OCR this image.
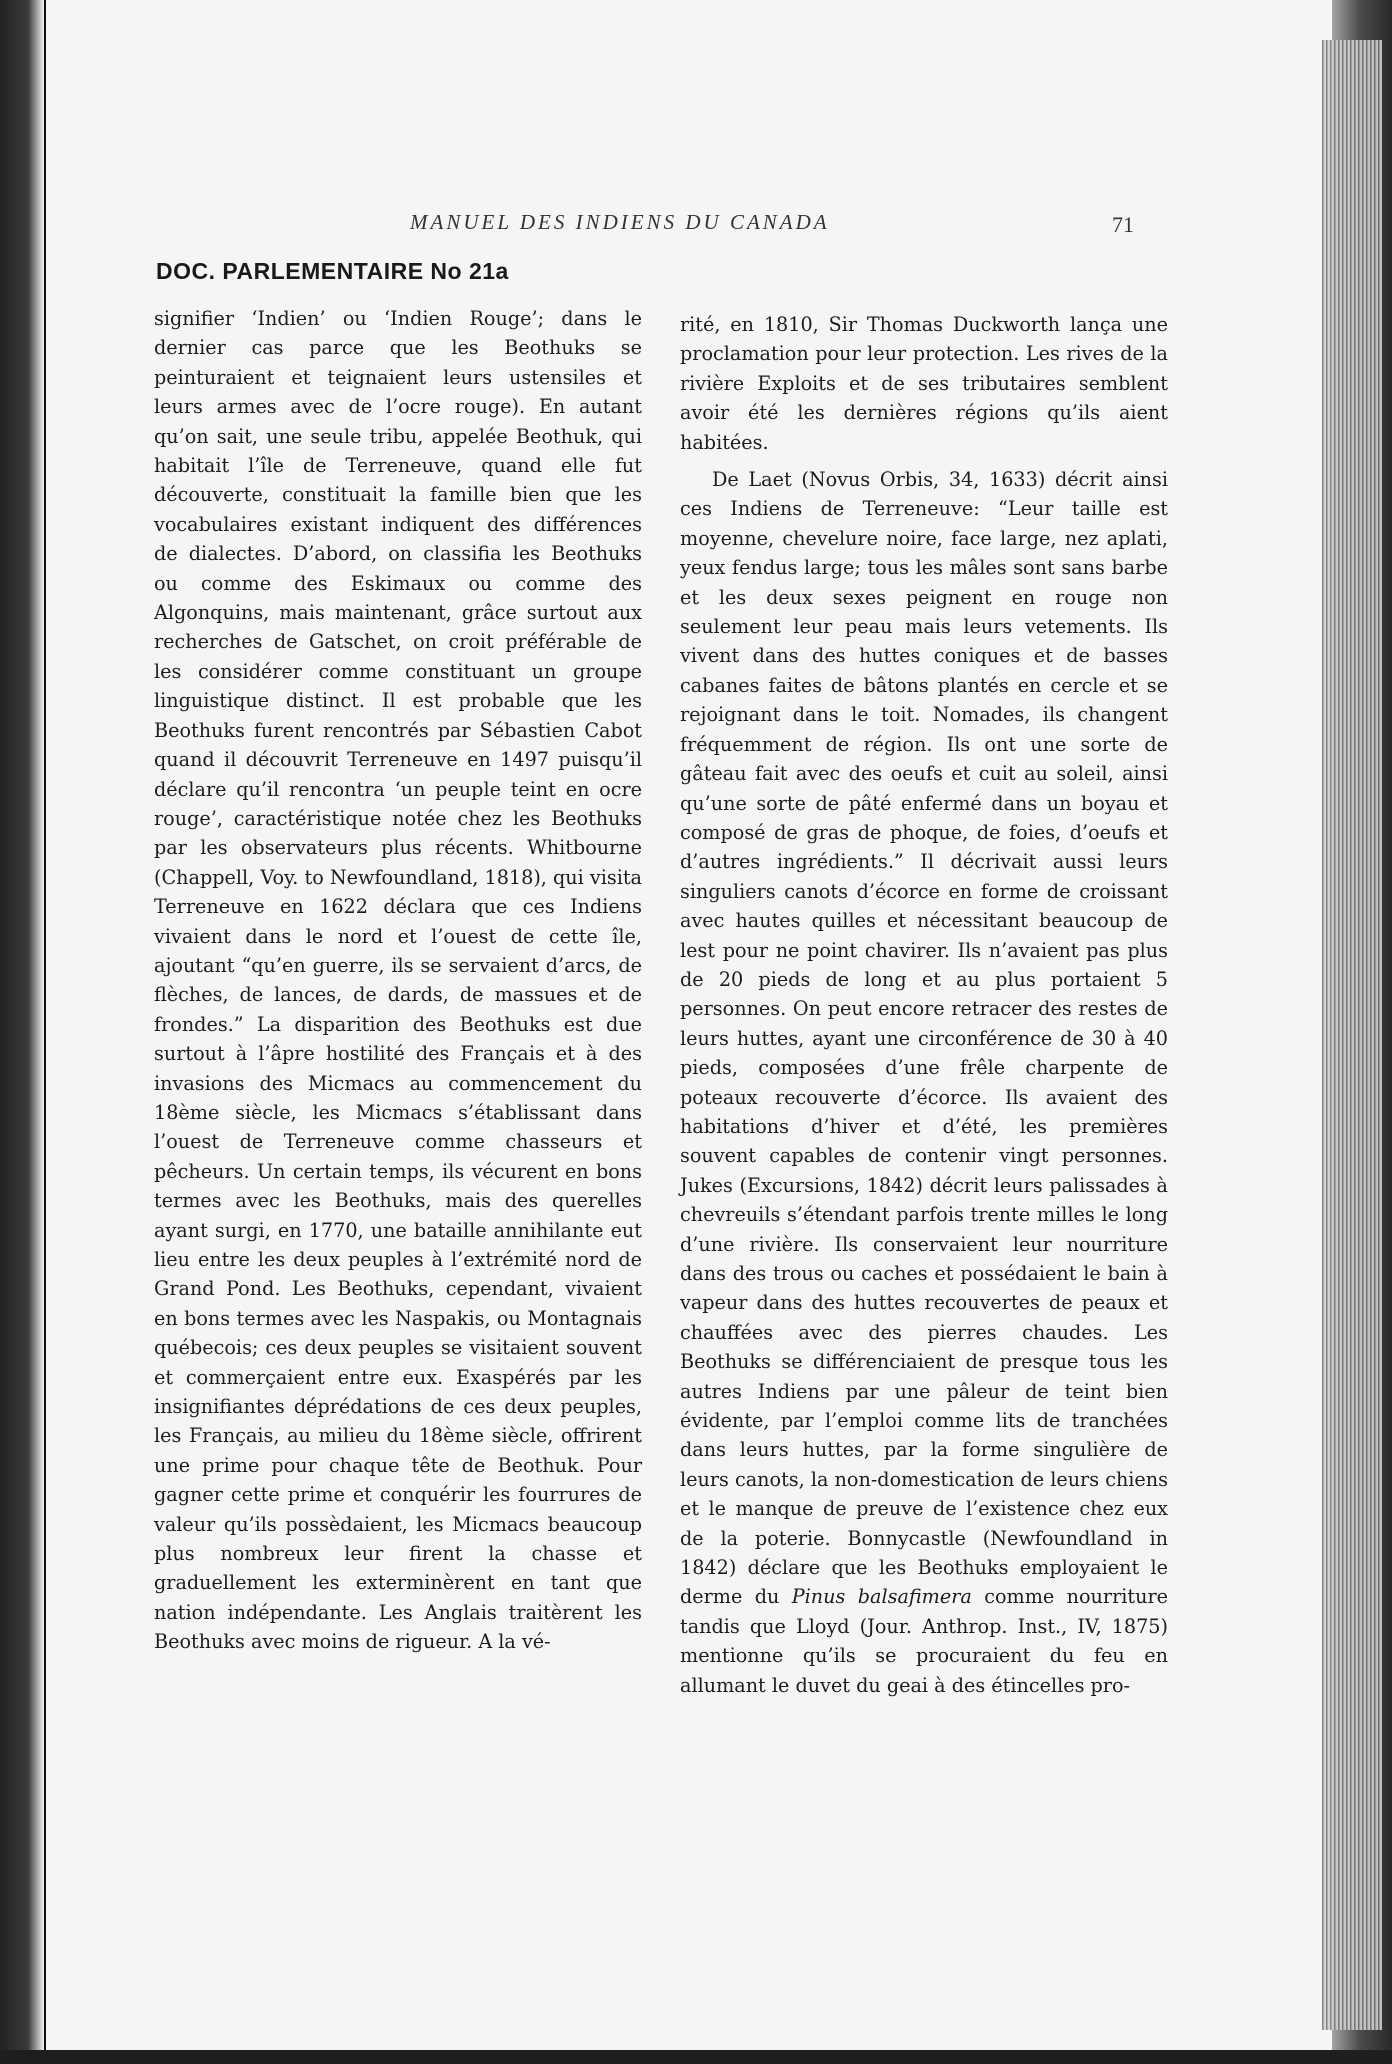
MANUEL DES INDIENS DU CANADA	71
DOC. PARLEMENTAIRE No 21a

signifier ‘Indien’ ou ‘Indien Rouge’; dans le dernier cas parce que les Beothuks se peinturaient et teignaient leurs ustensiles et leurs armes avec de l’ocre rouge). En autant qu’on sait, une seule tribu, appelée Beothuk, qui habitait l’île de Terreneuve, quand elle fut découverte, constituait la famille bien que les vocabulaires existant indiquent des différences de dialectes. D’abord, on classifia les Beothuks ou comme des Eskimaux ou comme des Algonquins, mais maintenant, grâce surtout aux recherches de Gatschet, on croit préférable de les considérer comme constituant un groupe linguistique distinct. Il est probable que les Beothuks furent rencontrés par Sébastien Cabot quand il découvrit Terreneuve en 1497 puisqu’il déclare qu’il rencontra ‘un peuple teint en ocre rouge’, caractéristique notée chez les Beothuks par les observateurs plus récents. Whitbourne (Chappell, Voy. to Newfoundland, 1818), qui visita Terreneuve en 1622 déclara que ces Indiens vivaient dans le nord et l’ouest de cette île, ajoutant “qu’en guerre, ils se servaient d’arcs, de flèches, de lances, de dards, de massues et de frondes.” La disparition des Beothuks est due surtout à l’âpre hostilité des Français et à des invasions des Micmacs au commencement du 18ème siècle, les Micmacs s’établissant dans l’ouest de Terreneuve comme chasseurs et pêcheurs. Un certain temps, ils vécurent en bons termes avec les Beothuks, mais des querelles ayant surgi, en 1770, une bataille annihilante eut lieu entre les deux peuples à l’extrémité nord de Grand Pond. Les Beothuks, cependant, vivaient en bons termes avec les Naspakis, ou Montagnais québecois; ces deux peuples se visitaient souvent et commerçaient entre eux. Exaspérés par les insignifiantes déprédations de ces deux peuples, les Français, au milieu du 18ème siècle, offrirent une prime pour chaque tête de Beothuk. Pour gagner cette prime et conquérir les fourrures de valeur qu’ils possèdaient, les Micmacs beaucoup plus nombreux leur firent la chasse et graduellement les exterminèrent en tant que nation indépendante. Les Anglais traitèrent les Beothuks avec moins de rigueur. A la vé-

rité, en 1810, Sir Thomas Duckworth lança une proclamation pour leur protection. Les rives de la rivière Exploits et de ses tributaires semblent avoir été les dernières régions qu’ils aient habitées.

De Laet (Novus Orbis, 34, 1633) décrit ainsi ces Indiens de Terreneuve: “Leur taille est moyenne, chevelure noire, face large, nez aplati, yeux fendus large; tous les mâles sont sans barbe et les deux sexes peignent en rouge non seulement leur peau mais leurs vetements. Ils vivent dans des huttes coniques et de basses cabanes faites de bâtons plantés en cercle et se rejoignant dans le toit. Nomades, ils changent fréquemment de région. Ils ont une sorte de gâteau fait avec des oeufs et cuit au soleil, ainsi qu’une sorte de pâté enfermé dans un boyau et composé de gras de phoque, de foies, d’oeufs et d’autres ingrédients.” Il décrivait aussi leurs singuliers canots d’écorce en forme de croissant avec hautes quilles et nécessitant beaucoup de lest pour ne point chavirer. Ils n’avaient pas plus de 20 pieds de long et au plus portaient 5 personnes. On peut encore retracer des restes de leurs huttes, ayant une circonférence de 30 à 40 pieds, composées d’une frêle charpente de poteaux recouverte d’écorce. Ils avaient des habitations d’hiver et d’été, les premières souvent capables de contenir vingt personnes. Jukes (Excursions, 1842) décrit leurs palissades à chevreuils s’étendant parfois trente milles le long d’une rivière. Ils conservaient leur nourriture dans des trous ou caches et possédaient le bain à vapeur dans des huttes recouvertes de peaux et chauffées avec des pierres chaudes. Les Beothuks se différenciaient de presque tous les autres Indiens par une pâleur de teint bien évidente, par l’emploi comme lits de tranchées dans leurs huttes, par la forme singulière de leurs canots, la non-domestication de leurs chiens et le manque de preuve de l’existence chez eux de la poterie. Bonnycastle (Newfoundland in 1842) déclare que les Beothuks employaient le derme du Pinus balsafimera comme nourriture tandis que Lloyd (Jour. Anthrop. Inst., IV, 1875) mentionne qu’ils se procuraient du feu en allumant le duvet du geai à des étincelles pro-
